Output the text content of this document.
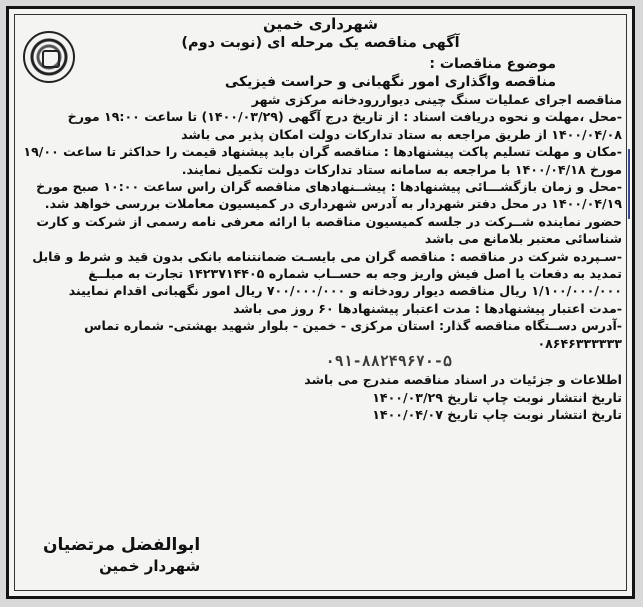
شهرداری خمین
آگهی مناقصه یک مرحله ای (نوبت دوم)
موضوع مناقصات :
مناقصه واگذاری امور نگهبانی و حراست فیزیکی

مناقصه اجرای عملیات سنگ چینی دیواررودخانه مرکزی شهر

-محل ،مهلت و نحوه دریافت اسناد : از تاریخ درج آگهی (۱۴۰۰/۰۳/۲۹) تا ساعت ۱۹:۰۰ مورخ ۱۴۰۰/۰۴/۰۸ از طریق مراجعه به ستاد تدارکات دولت امکان پذیر می باشد

-مکان و مهلت تسلیم پاکت پیشنهادها : مناقصه گران باید پیشنهاد قیمت را حداکثر تا ساعت ۱۹/۰۰ مورخ ۱۴۰۰/۰۴/۱۸ با مراجعه به سامانه ستاد تدارکات دولت تکمیل نمایند.

-محل و زمان بازگشـــائی پیشنهادها : پیشــنهادهای مناقصه گران راس ساعت ۱۰:۰۰ صبح مورخ ۱۴۰۰/۰۴/۱۹ در محل دفتر شهردار به آدرس شهرداری در کمیسیون معاملات بررسی خواهد شد. حضور نماینده شــرکت در جلسه کمیسیون مناقصه با ارائه معرفی نامه رسمی از شرکت و کارت شناسائی معتبر بلامانع می باشد

-سـپرده شرکت در مناقصه : مناقصه گران می بایسـت ضمانتنامه بانکی بدون قید و شرط و قابل تمدید به دفعات یا اصل فیش واریز وجه به حســاب شماره ۱۴۲۳۷۱۴۴۰۵ تجارت به مبلــغ ۱/۱۰۰/۰۰۰/۰۰۰ ریال مناقصه دیوار رودخانه و ۷۰۰/۰۰۰/۰۰۰ ریال امور نگهبانی اقدام نماییند

-مدت اعتبار پیشنهادها : مدت اعتبار پیشنهادها ۶۰ روز می باشد

-آدرس دســتگاه مناقصه گذار: استان مرکزی - خمین - بلوار شهید بهشتی- شماره تماس ۰۸۶۴۶۳۳۳۳۳۳

۰۹۱-۸۸۲۴۹۶۷۰-۵

اطلاعات و جزئیات در اسناد مناقصه مندرج می باشد

تاریخ انتشار نوبت چاپ تاریخ ۱۴۰۰/۰۳/۲۹

تاریخ انتشار نوبت چاپ تاریخ ۱۴۰۰/۰۴/۰۷

ابوالفضل مرتضیان
شهردار خمین
